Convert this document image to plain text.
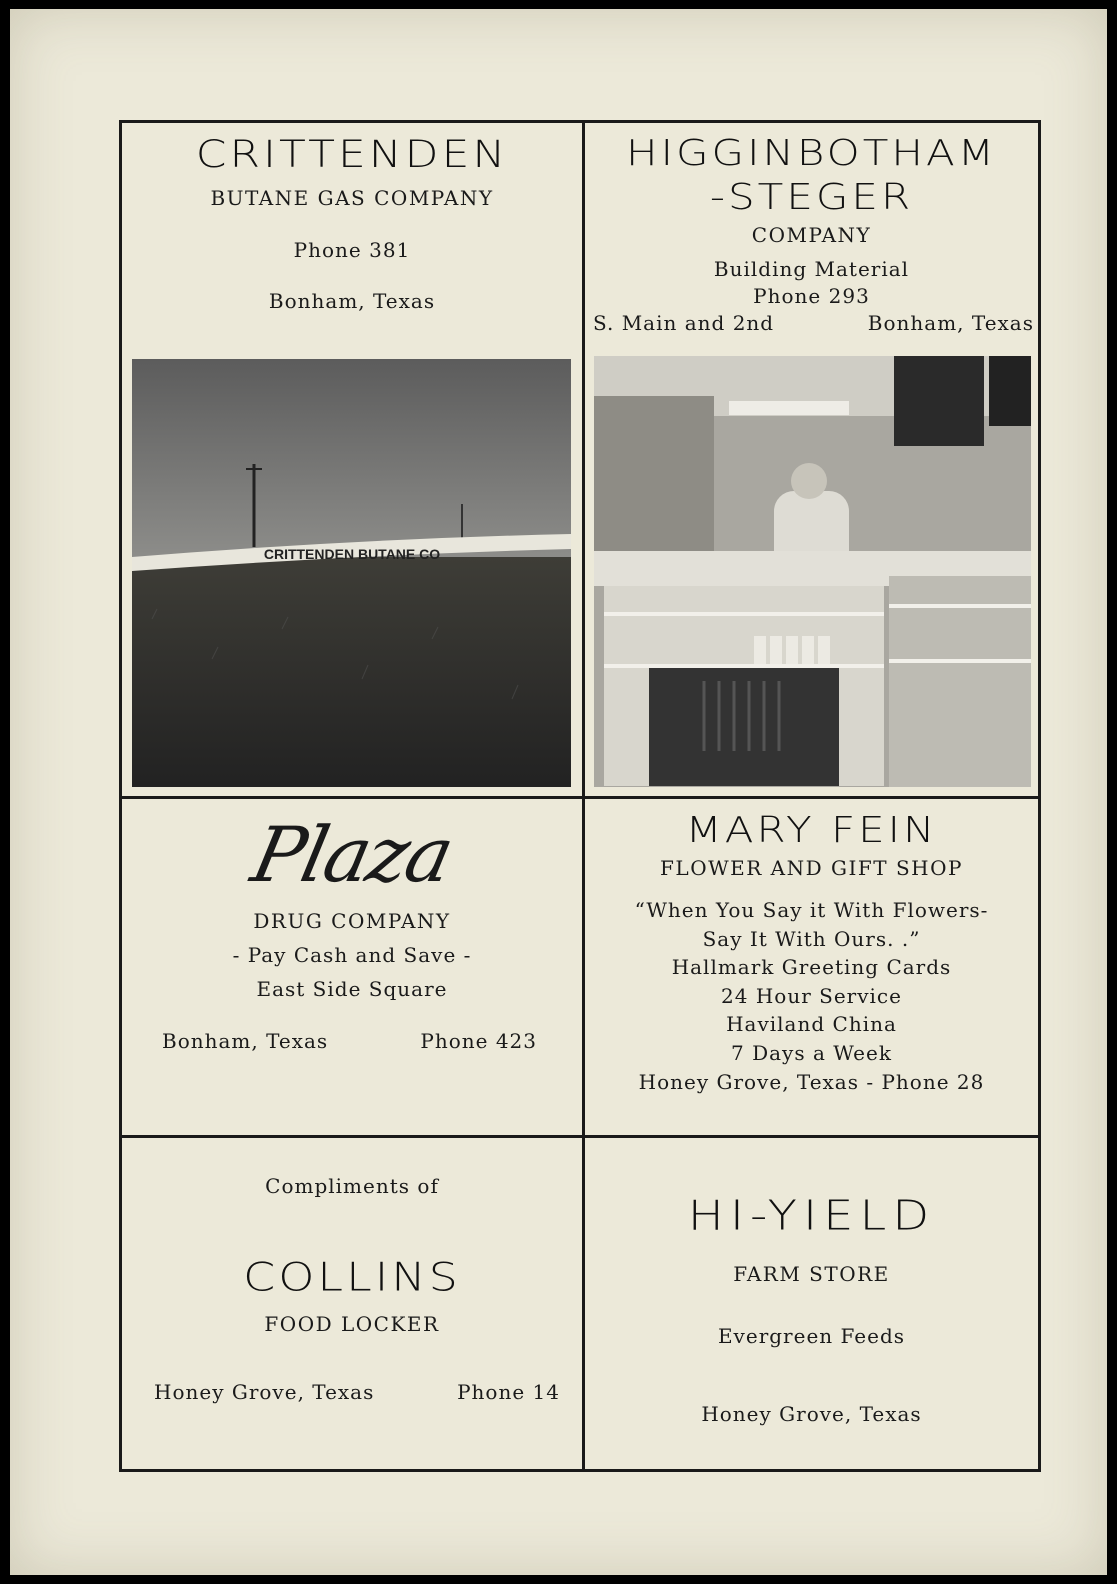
CRITTENDEN
BUTANE GAS COMPANY
Phone 381
Bonham, Texas
CRITTENDEN BUTANE CO
HIGGINBOTHAM
-STEGER
COMPANY
Building Material
Phone 293
S. Main and 2nd	Bonham, Texas
Plaza
DRUG COMPANY
- Pay Cash and Save -
East Side Square
Bonham, Texas	Phone 423
MARY FEIN
FLOWER AND GIFT SHOP
“When You Say it With Flowers-
Say It With Ours. .”
Hallmark Greeting Cards
24 Hour Service
Haviland China
7 Days a Week
Honey Grove, Texas - Phone 28
Compliments of
COLLINS
FOOD LOCKER
Honey Grove, Texas	Phone 14
HI-YIELD
FARM STORE
Evergreen Feeds
Honey Grove, Texas
